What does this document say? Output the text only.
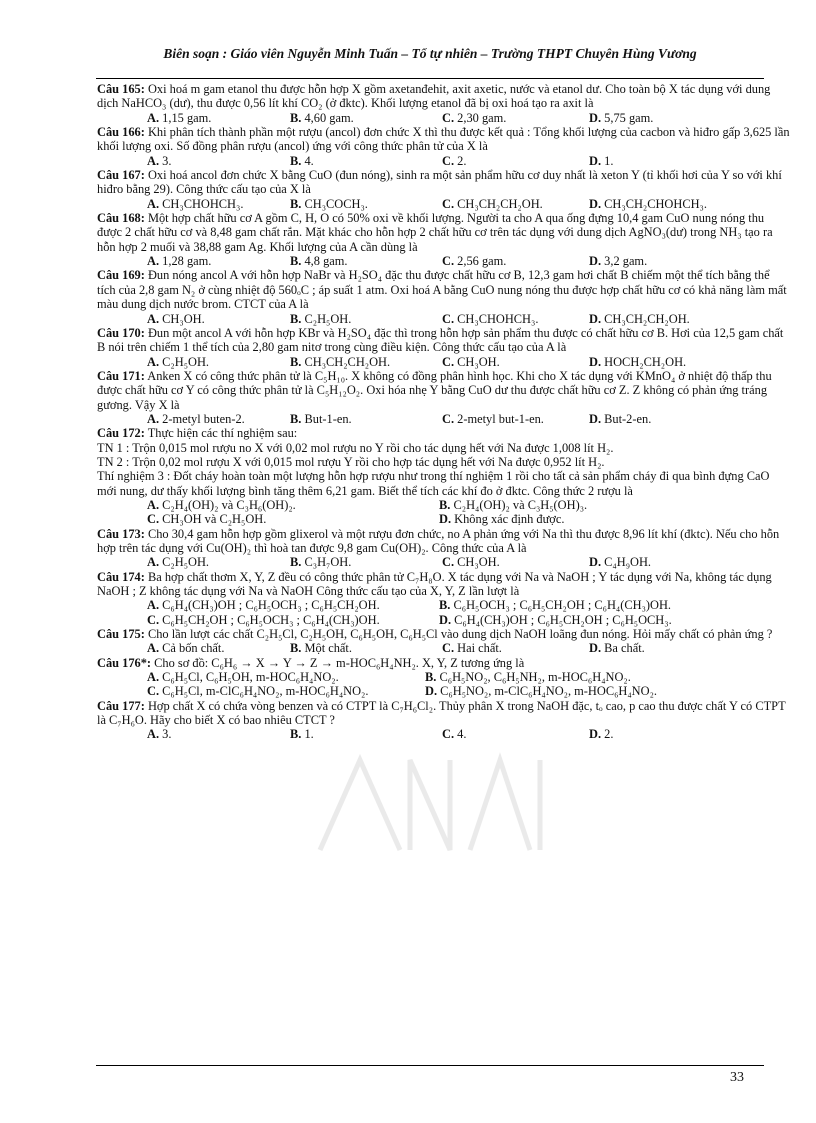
Biên soạn : Giáo viên Nguyễn Minh Tuấn – Tổ tự nhiên – Trường THPT Chuyên Hùng Vương

Câu 165: Oxi hoá m gam etanol thu được hỗn hợp X gồm axetanđehit, axit axetic, nước và etanol dư. Cho toàn bộ X tác dụng với dung dịch NaHCO₃ (dư), thu được 0,56 lít khí CO₂ (ở đktc). Khối lượng etanol đã bị oxi hoá tạo ra axit là

A. 1,15 gam.	B. 4,60 gam.	C. 2,30 gam.	D. 5,75 gam.

Câu 166: Khi phân tích thành phần một rượu (ancol) đơn chức X thì thu được kết quả : Tổng khối lượng của cacbon và hiđro gấp 3,625 lần khối lượng oxi. Số đồng phân rượu (ancol) ứng với công thức phân tử của X là

A. 3.	B. 4.	C. 2.	D. 1.

Câu 167: Oxi hoá ancol đơn chức X bằng CuO (đun nóng), sinh ra một sản phẩm hữu cơ duy nhất là xeton Y (tỉ khối hơi của Y so với khí hiđro bằng 29). Công thức cấu tạo của X là

A. CH₃CHOHCH₃.	B. CH₃COCH₃.	C. CH₃CH₂CH₂OH.	D. CH₃CH₂CHOHCH₃.

Câu 168: Một hợp chất hữu cơ A gồm C, H, O có 50% oxi về khối lượng. Người ta cho A qua ống đựng 10,4 gam CuO nung nóng thu được 2 chất hữu cơ và 8,48 gam chất rắn. Mặt khác cho hỗn hợp 2 chất hữu cơ trên tác dụng với dung dịch AgNO₃(dư) trong NH₃ tạo ra hỗn hợp 2 muối và 38,88 gam Ag. Khối lượng của A cần dùng là

A. 1,28 gam.	B. 4,8 gam.	C. 2,56 gam.	D. 3,2 gam.

Câu 169: Đun nóng ancol A với hỗn hợp NaBr và H₂SO₄ đặc thu được chất hữu cơ B, 12,3 gam hơi chất B chiếm một thể tích bằng thể tích của 2,8 gam N₂ ở cùng nhiệt độ 560ₒC ; áp suất 1 atm. Oxi hoá A bằng CuO nung nóng thu được hợp chất hữu cơ có khả năng làm mất màu dung dịch nước brom. CTCT của A là

A. CH₃OH.	B. C₂H₅OH.	C. CH₃CHOHCH₃.	D. CH₃CH₂CH₂OH.

Câu 170: Đun một ancol A với hỗn hợp KBr và H₂SO₄ đặc thì trong hỗn hợp sản phẩm thu được có chất hữu cơ B. Hơi của 12,5 gam chất B nói trên chiếm 1 thể tích của 2,80 gam nitơ trong cùng điều kiện. Công thức cấu tạo của A là

A. C₂H₅OH.	B. CH₃CH₂CH₂OH.	C. CH₃OH.	D. HOCH₂CH₂OH.

Câu 171: Anken X có công thức phân tử là C₅H₁₀. X không có đồng phân hình học. Khi cho X tác dụng với KMnO₄ ở nhiệt độ thấp thu được chất hữu cơ Y có công thức phân tử là C₅H₁₂O₂. Oxi hóa nhẹ Y bằng CuO dư thu được chất hữu cơ Z. Z không có phản ứng tráng gương. Vậy X là

A. 2-metyl buten-2.	B. But-1-en.	C. 2-metyl but-1-en.	D. But-2-en.

Câu 172: Thực hiện các thí nghiệm sau:

TN 1 : Trộn 0,015 mol rượu no X với 0,02 mol rượu no Y rồi cho tác dụng hết với Na được 1,008 lít H₂.

TN 2 : Trộn 0,02 mol rượu X với 0,015 mol rượu Y rồi cho hợp tác dụng hết với Na được 0,952 lít H₂.

Thí nghiệm 3 : Đốt cháy hoàn toàn một lượng hỗn hợp rượu như trong thí nghiệm 1 rồi cho tất cả sản phẩm cháy đi qua bình đựng CaO mới nung, dư thấy khối lượng bình tăng thêm 6,21 gam. Biết thể tích các khí đo ở đktc. Công thức 2 rượu là

A. C₂H₄(OH)₂ và C₃H₆(OH)₂.	B. C₂H₄(OH)₂ và C₃H₅(OH)₃.
C. CH₃OH và C₂H₅OH.	D. Không xác định được.

Câu 173: Cho 30,4 gam hỗn hợp gồm glixerol và một rượu đơn chức, no A phản ứng với Na thì thu được 8,96 lít khí (đktc). Nếu cho hỗn hợp trên tác dụng với Cu(OH)₂ thì hoà tan được 9,8 gam Cu(OH)₂. Công thức của A là

A. C₂H₅OH.	B. C₃H₇OH.	C. CH₃OH.	D. C₄H₉OH.

Câu 174: Ba hợp chất thơm X, Y, Z đều có công thức phân tử C₇H₈O. X tác dụng với Na và NaOH ; Y tác dụng với Na, không tác dụng NaOH ; Z không tác dụng với Na và NaOH Công thức cấu tạo của X, Y, Z lần lượt là

A. C₆H₄(CH₃)OH ; C₆H₅OCH₃ ; C₆H₅CH₂OH.	B. C₆H₅OCH₃ ; C₆H₅CH₂OH ; C₆H₄(CH₃)OH.
C. C₆H₅CH₂OH ; C₆H₅OCH₃ ; C₆H₄(CH₃)OH.	D. C₆H₄(CH₃)OH ; C₆H₅CH₂OH ; C₆H₅OCH₃.

Câu 175: Cho lần lượt các chất C₂H₅Cl, C₂H₅OH, C₆H₅OH, C₆H₅Cl vào dung dịch NaOH loãng đun nóng. Hỏi mấy chất có phản ứng ?

A. Cả bốn chất.	B. Một chất.	C. Hai chất.	D. Ba chất.

Câu 176*: Cho sơ đồ: C₆H₆ → X → Y → Z → m-HOC₆H₄NH₂. X, Y, Z tương ứng là

A. C₆H₅Cl, C₆H₅OH, m-HOC₆H₄NO₂.	B. C₆H₅NO₂, C₆H₅NH₂, m-HOC₆H₄NO₂.
C. C₆H₅Cl, m-ClC₆H₄NO₂, m-HOC₆H₄NO₂.	D. C₆H₅NO₂, m-ClC₆H₄NO₂, m-HOC₆H₄NO₂.

Câu 177: Hợp chất X có chứa vòng benzen và có CTPT là C₇H₆Cl₂. Thủy phân X trong NaOH đặc, tₒ cao, p cao thu được chất Y có CTPT là C₇H₆O. Hãy cho biết X có bao nhiêu CTCT ?

A. 3.	B. 1.	C. 4.	D. 2.
33
